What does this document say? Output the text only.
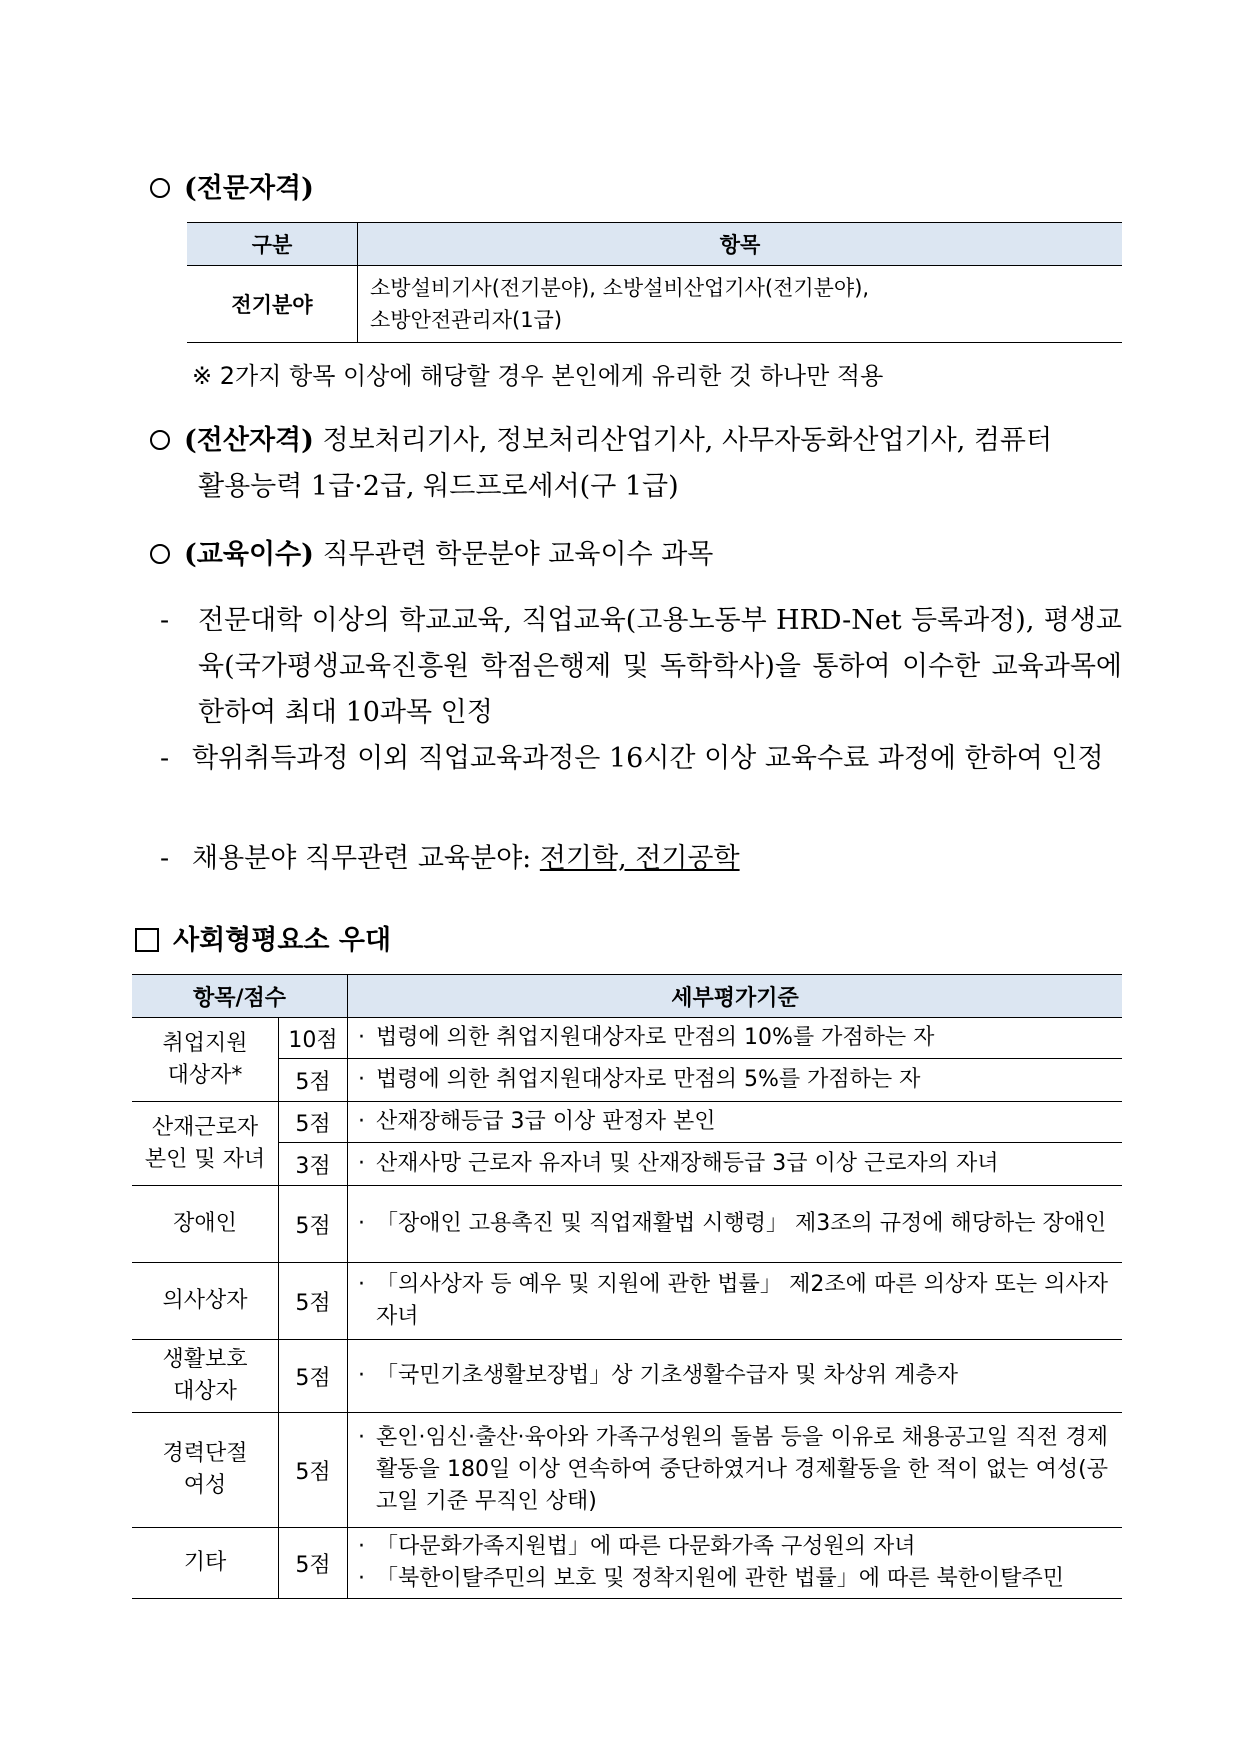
(전문자격)
구분	항목
전기분야	소방설비기사(전기분야), 소방설비산업기사(전기분야),
소방안전관리자(1급)
※ 2가지 항목 이상에 해당할 경우 본인에게 유리한 것 하나만 적용
(전산자격) 정보처리기사, 정보처리산업기사, 사무자동화산업기사, 컴퓨터
활용능력 1급·2급, 워드프로세서(구 1급)
(교육이수) 직무관련 학문분야 교육이수 과목
-	전문대학 이상의 학교교육, 직업교육(고용노동부 HRD-Net 등록과정), 평생교육(국가평생교육진흥원 학점은행제 및 독학학사)을 통하여 이수한 교육과목에 한하여 최대 10과목 인정
- 학위취득과정 이외 직업교육과정은 16시간 이상 교육수료 과정에 한하여 인정
- 채용분야 직무관련 교육분야: 전기학, 전기공학
사회형평요소 우대
항목/점수		세부평가기준
취업지원
대상자*	10점	· 법령에 의한 취업지원대상자로 만점의 10%를 가점하는 자

	5점	· 법령에 의한 취업지원대상자로 만점의 5%를 가점하는 자

산재근로자
본인 및 자녀	5점	· 산재장해등급 3급 이상 판정자 본인

	3점	· 산재사망 근로자 유자녀 및 산재장해등급 3급 이상 근로자의 자녀

장애인	5점	· 「장애인 고용촉진 및 직업재활법 시행령」 제3조의 규정에 해당하는 장애인

의사상자	5점	· 「의사상자 등 예우 및 지원에 관한 법률」 제2조에 따른 의상자 또는 의사자 자녀

생활보호
대상자	5점	· 「국민기초생활보장법」상 기초생활수급자 및 차상위 계층자

경력단절
여성	5점	· 혼인·임신·출산·육아와 가족구성원의 돌봄 등을 이유로 채용공고일 직전 경제활동을 180일 이상 연속하여 중단하였거나 경제활동을 한 적이 없는 여성(공고일 기준 무직인 상태)

기타	5점	· 「다문화가족지원법」에 따른 다문화가족 구성원의 자녀
· 「북한이탈주민의 보호 및 정착지원에 관한 법률」에 따른 북한이탈주민
